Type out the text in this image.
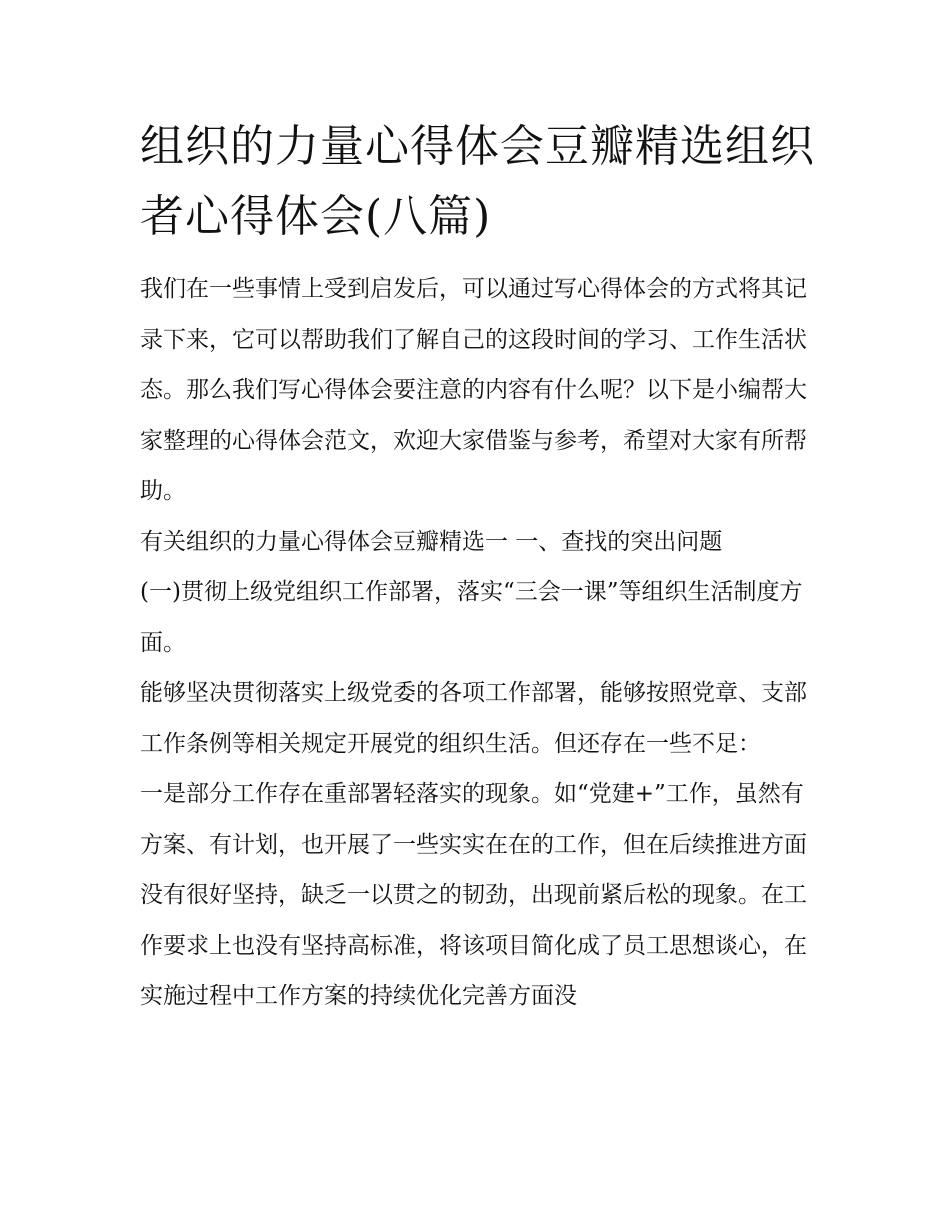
组织的力量心得体会豆瓣精选组织者心得体会(八篇)

我们在一些事情上受到启发后，可以通过写心得体会的方式将其记录下来，它可以帮助我们了解自己的这段时间的学习、工作生活状态。那么我们写心得体会要注意的内容有什么呢？以下是小编帮大家整理的心得体会范文，欢迎大家借鉴与参考，希望对大家有所帮助。

有关组织的力量心得体会豆瓣精选一 一、查找的突出问题

(一)贯彻上级党组织工作部署，落实“三会一课”等组织生活制度方面。

能够坚决贯彻落实上级党委的各项工作部署，能够按照党章、支部工作条例等相关规定开展党的组织生活。但还存在一些不足：

一是部分工作存在重部署轻落实的现象。如“党建+”工作，虽然有方案、有计划，也开展了一些实实在在的工作，但在后续推进方面没有很好坚持，缺乏一以贯之的韧劲，出现前紧后松的现象。在工作要求上也没有坚持高标准，将该项目简化成了员工思想谈心，在实施过程中工作方案的持续优化完善方面没
